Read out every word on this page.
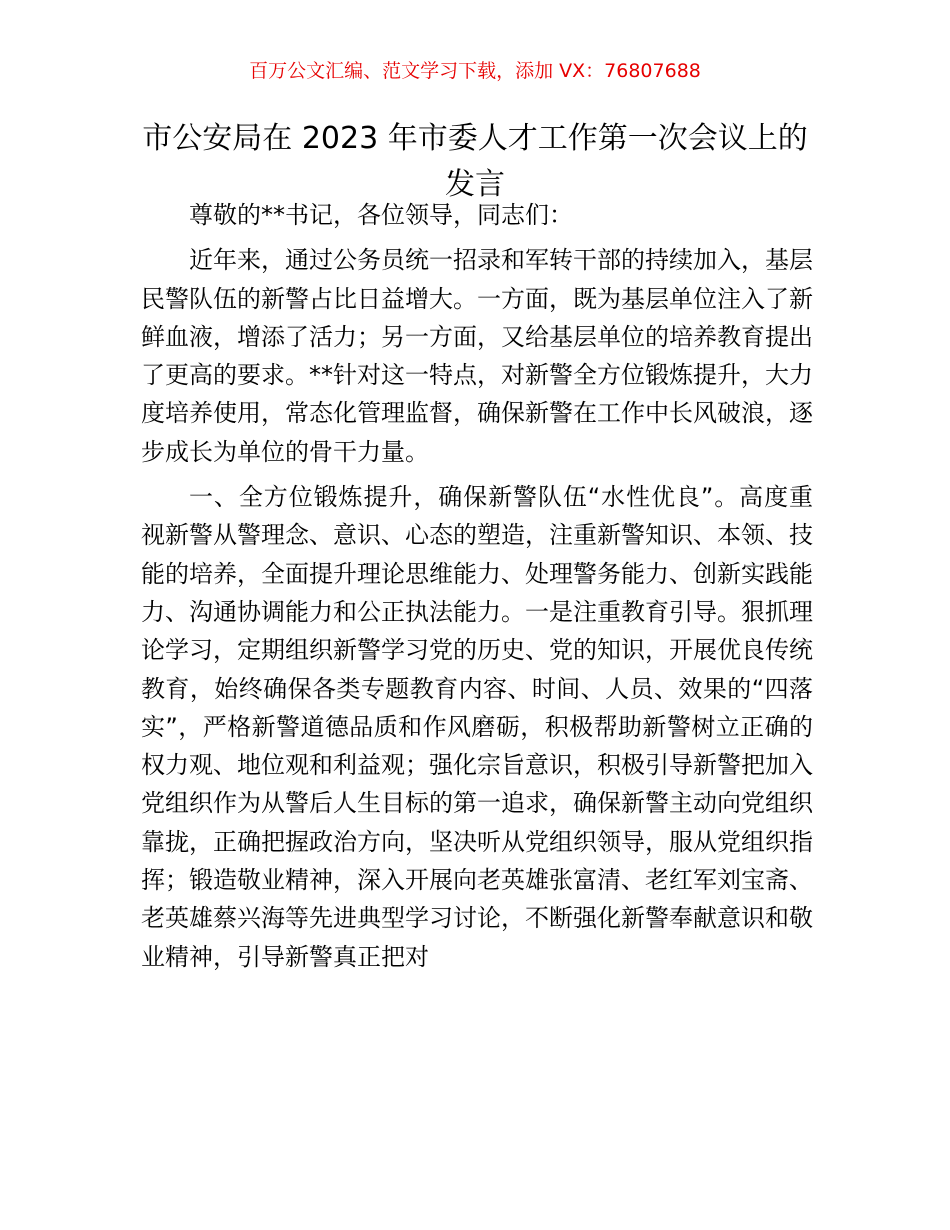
百万公文汇编、范文学习下载，添加 VX：76807688
市公安局在 2023 年市委人才工作第一次会议上的发言

尊敬的**书记，各位领导，同志们：

近年来，通过公务员统一招录和军转干部的持续加入，基层民警队伍的新警占比日益增大。一方面，既为基层单位注入了新鲜血液，增添了活力；另一方面，又给基层单位的培养教育提出了更高的要求。**针对这一特点，对新警全方位锻炼提升，大力度培养使用，常态化管理监督，确保新警在工作中长风破浪，逐步成长为单位的骨干力量。

一、全方位锻炼提升，确保新警队伍“水性优良”。高度重视新警从警理念、意识、心态的塑造，注重新警知识、本领、技能的培养，全面提升理论思维能力、处理警务能力、创新实践能力、沟通协调能力和公正执法能力。一是注重教育引导。狠抓理论学习，定期组织新警学习党的历史、党的知识，开展优良传统教育，始终确保各类专题教育内容、时间、人员、效果的“四落实”，严格新警道德品质和作风磨砺，积极帮助新警树立正确的权力观、地位观和利益观；强化宗旨意识，积极引导新警把加入党组织作为从警后人生目标的第一追求，确保新警主动向党组织靠拢，正确把握政治方向，坚决听从党组织领导，服从党组织指挥；锻造敬业精神，深入开展向老英雄张富清、老红军刘宝斋、老英雄蔡兴海等先进典型学习讨论，不断强化新警奉献意识和敬业精神，引导新警真正把对
